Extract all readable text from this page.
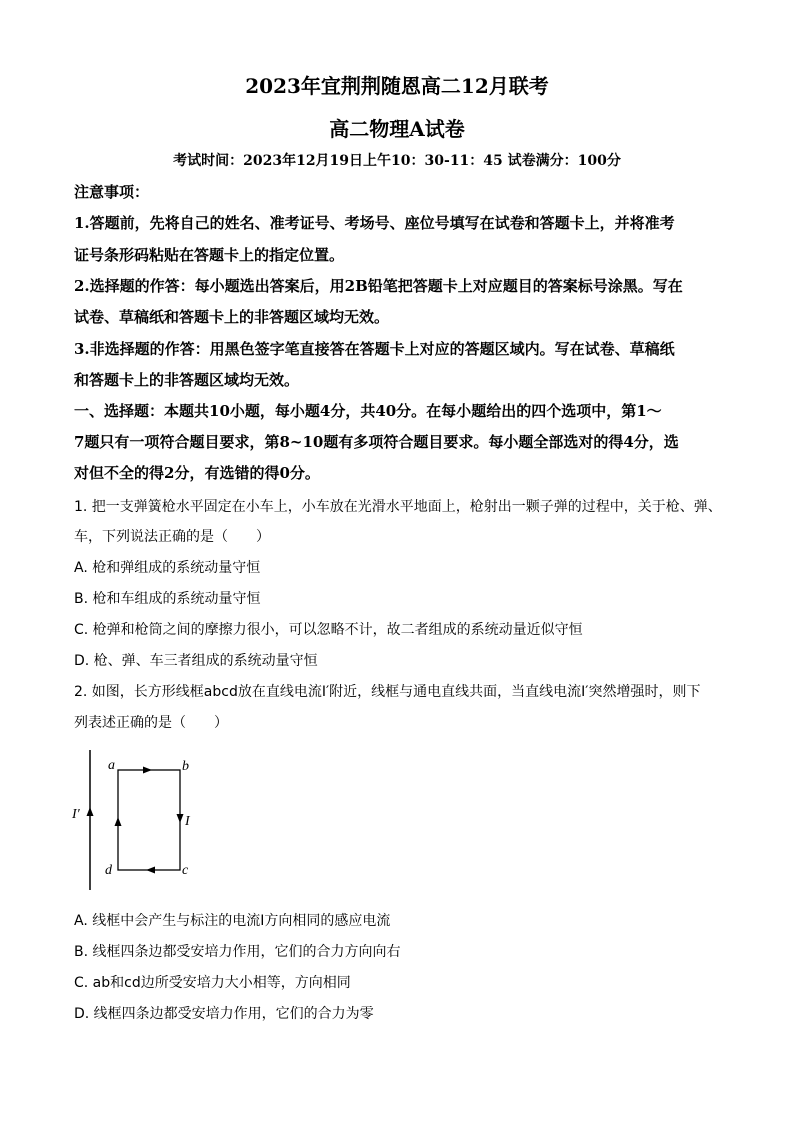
2023年宜荆荆随恩高二12月联考
高二物理A试卷
考试时间：2023年12月19日上午10：30-11：45 试卷满分：100分
注意事项：
1.答题前，先将自己的姓名、准考证号、考场号、座位号填写在试卷和答题卡上，并将准考
证号条形码粘贴在答题卡上的指定位置。
2.选择题的作答：每小题选出答案后，用2B铅笔把答题卡上对应题目的答案标号涂黑。写在
试卷、草稿纸和答题卡上的非答题区域均无效。
3.非选择题的作答：用黑色签字笔直接答在答题卡上对应的答题区域内。写在试卷、草稿纸
和答题卡上的非答题区域均无效。
一、选择题：本题共10小题，每小题4分，共40分。在每小题给出的四个选项中，第1～
7题只有一项符合题目要求，第8~10题有多项符合题目要求。每小题全部选对的得4分，选
对但不全的得2分，有选错的得0分。
1. 把一支弹簧枪水平固定在小车上，小车放在光滑水平地面上，枪射出一颗子弹的过程中，关于枪、弹、
车，下列说法正确的是（　　）
A. 枪和弹组成的系统动量守恒
B. 枪和车组成的系统动量守恒
C. 枪弹和枪筒之间的摩擦力很小，可以忽略不计，故二者组成的系统动量近似守恒
D. 枪、弹、车三者组成的系统动量守恒
2. 如图，长方形线框abcd放在直线电流I′附近，线框与通电直线共面，当直线电流I′突然增强时，则下
列表述正确的是（　　）
a	b
c
d
I′	I
A. 线框中会产生与标注的电流I方向相同的感应电流
B. 线框四条边都受安培力作用，它们的合力方向向右
C. ab和cd边所受安培力大小相等，方向相同
D. 线框四条边都受安培力作用，它们的合力为零
